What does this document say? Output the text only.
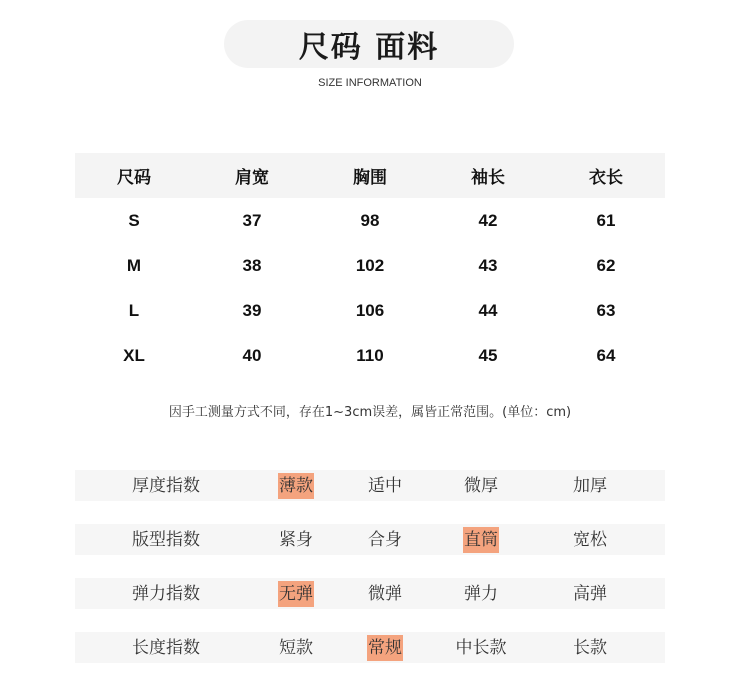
尺码 面料
SIZE INFORMATION
尺码	肩宽	胸围	袖长	衣长
S	37	98	42	61
M	38	102	43	62
L	39	106	44	63
XL	40	110	45	64
因手工测量方式不同，存在1~3cm误差，属皆正常范围。(单位：cm)
厚度指数	薄款	适中	微厚	加厚
版型指数	紧身	合身	直筒	宽松
弹力指数	无弹	微弹	弹力	高弹
长度指数	短款	常规	中长款	长款
